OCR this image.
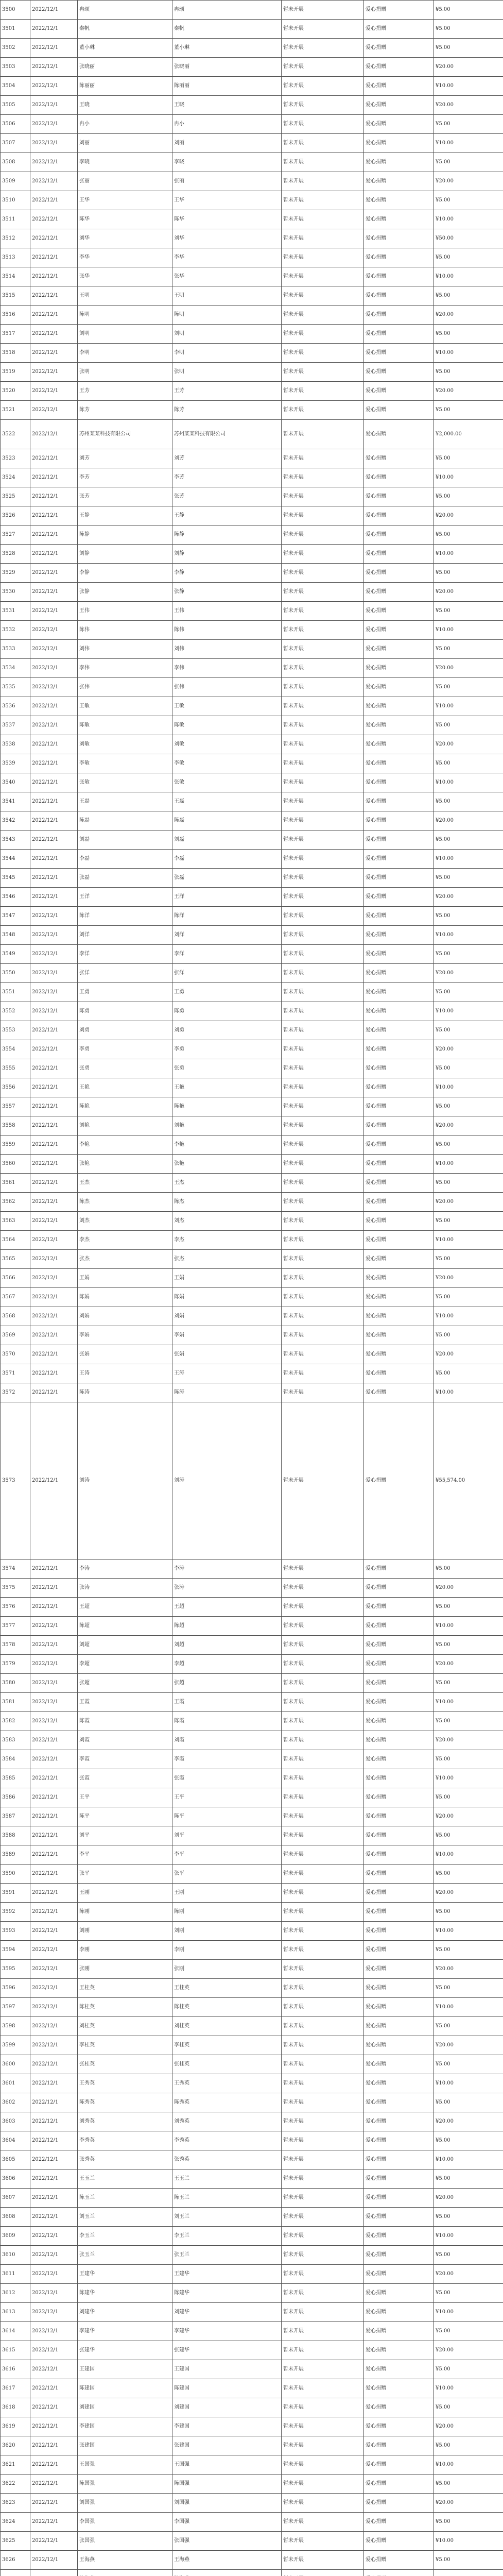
3500	2022/12/1	冉颂	冉颂	暂未开展	爱心捐赠	¥5.00
3501	2022/12/1	秦帆	秦帆	暂未开展	爱心捐赠	¥5.00
3502	2022/12/1	董小琳	董小琳	暂未开展	爱心捐赠	¥5.00
3503	2022/12/1	张晓丽	张晓丽	暂未开展	爱心捐赠	¥20.00
3504	2022/12/1	陈丽丽	陈丽丽	暂未开展	爱心捐赠	¥10.00
3505	2022/12/1	王晓	王晓	暂未开展	爱心捐赠	¥20.00
3506	2022/12/1	冉小	冉小	暂未开展	爱心捐赠	¥5.00
3507	2022/12/1	刘丽	刘丽	暂未开展	爱心捐赠	¥10.00
3508	2022/12/1	李晓	李晓	暂未开展	爱心捐赠	¥5.00
3509	2022/12/1	张丽	张丽	暂未开展	爱心捐赠	¥20.00
3510	2022/12/1	王华	王华	暂未开展	爱心捐赠	¥5.00
3511	2022/12/1	陈华	陈华	暂未开展	爱心捐赠	¥10.00
3512	2022/12/1	刘华	刘华	暂未开展	爱心捐赠	¥50.00
3513	2022/12/1	李华	李华	暂未开展	爱心捐赠	¥5.00
3514	2022/12/1	张华	张华	暂未开展	爱心捐赠	¥10.00
3515	2022/12/1	王明	王明	暂未开展	爱心捐赠	¥5.00
3516	2022/12/1	陈明	陈明	暂未开展	爱心捐赠	¥20.00
3517	2022/12/1	刘明	刘明	暂未开展	爱心捐赠	¥5.00
3518	2022/12/1	李明	李明	暂未开展	爱心捐赠	¥10.00
3519	2022/12/1	张明	张明	暂未开展	爱心捐赠	¥5.00
3520	2022/12/1	王芳	王芳	暂未开展	爱心捐赠	¥20.00
3521	2022/12/1	陈芳	陈芳	暂未开展	爱心捐赠	¥5.00
3522	2022/12/1	苏州某某科技有限公司	苏州某某科技有限公司	暂未开展	爱心捐赠	¥2,000.00
3523	2022/12/1	刘芳	刘芳	暂未开展	爱心捐赠	¥5.00
3524	2022/12/1	李芳	李芳	暂未开展	爱心捐赠	¥10.00
3525	2022/12/1	张芳	张芳	暂未开展	爱心捐赠	¥5.00
3526	2022/12/1	王静	王静	暂未开展	爱心捐赠	¥20.00
3527	2022/12/1	陈静	陈静	暂未开展	爱心捐赠	¥5.00
3528	2022/12/1	刘静	刘静	暂未开展	爱心捐赠	¥10.00
3529	2022/12/1	李静	李静	暂未开展	爱心捐赠	¥5.00
3530	2022/12/1	张静	张静	暂未开展	爱心捐赠	¥20.00
3531	2022/12/1	王伟	王伟	暂未开展	爱心捐赠	¥5.00
3532	2022/12/1	陈伟	陈伟	暂未开展	爱心捐赠	¥10.00
3533	2022/12/1	刘伟	刘伟	暂未开展	爱心捐赠	¥5.00
3534	2022/12/1	李伟	李伟	暂未开展	爱心捐赠	¥20.00
3535	2022/12/1	张伟	张伟	暂未开展	爱心捐赠	¥5.00
3536	2022/12/1	王敏	王敏	暂未开展	爱心捐赠	¥10.00
3537	2022/12/1	陈敏	陈敏	暂未开展	爱心捐赠	¥5.00
3538	2022/12/1	刘敏	刘敏	暂未开展	爱心捐赠	¥20.00
3539	2022/12/1	李敏	李敏	暂未开展	爱心捐赠	¥5.00
3540	2022/12/1	张敏	张敏	暂未开展	爱心捐赠	¥10.00
3541	2022/12/1	王磊	王磊	暂未开展	爱心捐赠	¥5.00
3542	2022/12/1	陈磊	陈磊	暂未开展	爱心捐赠	¥20.00
3543	2022/12/1	刘磊	刘磊	暂未开展	爱心捐赠	¥5.00
3544	2022/12/1	李磊	李磊	暂未开展	爱心捐赠	¥10.00
3545	2022/12/1	张磊	张磊	暂未开展	爱心捐赠	¥5.00
3546	2022/12/1	王洋	王洋	暂未开展	爱心捐赠	¥20.00
3547	2022/12/1	陈洋	陈洋	暂未开展	爱心捐赠	¥5.00
3548	2022/12/1	刘洋	刘洋	暂未开展	爱心捐赠	¥10.00
3549	2022/12/1	李洋	李洋	暂未开展	爱心捐赠	¥5.00
3550	2022/12/1	张洋	张洋	暂未开展	爱心捐赠	¥20.00
3551	2022/12/1	王勇	王勇	暂未开展	爱心捐赠	¥5.00
3552	2022/12/1	陈勇	陈勇	暂未开展	爱心捐赠	¥10.00
3553	2022/12/1	刘勇	刘勇	暂未开展	爱心捐赠	¥5.00
3554	2022/12/1	李勇	李勇	暂未开展	爱心捐赠	¥20.00
3555	2022/12/1	张勇	张勇	暂未开展	爱心捐赠	¥5.00
3556	2022/12/1	王艳	王艳	暂未开展	爱心捐赠	¥10.00
3557	2022/12/1	陈艳	陈艳	暂未开展	爱心捐赠	¥5.00
3558	2022/12/1	刘艳	刘艳	暂未开展	爱心捐赠	¥20.00
3559	2022/12/1	李艳	李艳	暂未开展	爱心捐赠	¥5.00
3560	2022/12/1	张艳	张艳	暂未开展	爱心捐赠	¥10.00
3561	2022/12/1	王杰	王杰	暂未开展	爱心捐赠	¥5.00
3562	2022/12/1	陈杰	陈杰	暂未开展	爱心捐赠	¥20.00
3563	2022/12/1	刘杰	刘杰	暂未开展	爱心捐赠	¥5.00
3564	2022/12/1	李杰	李杰	暂未开展	爱心捐赠	¥10.00
3565	2022/12/1	张杰	张杰	暂未开展	爱心捐赠	¥5.00
3566	2022/12/1	王娟	王娟	暂未开展	爱心捐赠	¥20.00
3567	2022/12/1	陈娟	陈娟	暂未开展	爱心捐赠	¥5.00
3568	2022/12/1	刘娟	刘娟	暂未开展	爱心捐赠	¥10.00
3569	2022/12/1	李娟	李娟	暂未开展	爱心捐赠	¥5.00
3570	2022/12/1	张娟	张娟	暂未开展	爱心捐赠	¥20.00
3571	2022/12/1	王涛	王涛	暂未开展	爱心捐赠	¥5.00
3572	2022/12/1	陈涛	陈涛	暂未开展	爱心捐赠	¥10.00
3573	2022/12/1	刘涛	刘涛	暂未开展	爱心捐赠	¥55,574.00
3574	2022/12/1	李涛	李涛	暂未开展	爱心捐赠	¥5.00
3575	2022/12/1	张涛	张涛	暂未开展	爱心捐赠	¥20.00
3576	2022/12/1	王超	王超	暂未开展	爱心捐赠	¥5.00
3577	2022/12/1	陈超	陈超	暂未开展	爱心捐赠	¥10.00
3578	2022/12/1	刘超	刘超	暂未开展	爱心捐赠	¥5.00
3579	2022/12/1	李超	李超	暂未开展	爱心捐赠	¥20.00
3580	2022/12/1	张超	张超	暂未开展	爱心捐赠	¥5.00
3581	2022/12/1	王霞	王霞	暂未开展	爱心捐赠	¥10.00
3582	2022/12/1	陈霞	陈霞	暂未开展	爱心捐赠	¥5.00
3583	2022/12/1	刘霞	刘霞	暂未开展	爱心捐赠	¥20.00
3584	2022/12/1	李霞	李霞	暂未开展	爱心捐赠	¥5.00
3585	2022/12/1	张霞	张霞	暂未开展	爱心捐赠	¥10.00
3586	2022/12/1	王平	王平	暂未开展	爱心捐赠	¥5.00
3587	2022/12/1	陈平	陈平	暂未开展	爱心捐赠	¥20.00
3588	2022/12/1	刘平	刘平	暂未开展	爱心捐赠	¥5.00
3589	2022/12/1	李平	李平	暂未开展	爱心捐赠	¥10.00
3590	2022/12/1	张平	张平	暂未开展	爱心捐赠	¥5.00
3591	2022/12/1	王刚	王刚	暂未开展	爱心捐赠	¥20.00
3592	2022/12/1	陈刚	陈刚	暂未开展	爱心捐赠	¥5.00
3593	2022/12/1	刘刚	刘刚	暂未开展	爱心捐赠	¥10.00
3594	2022/12/1	李刚	李刚	暂未开展	爱心捐赠	¥5.00
3595	2022/12/1	张刚	张刚	暂未开展	爱心捐赠	¥20.00
3596	2022/12/1	王桂英	王桂英	暂未开展	爱心捐赠	¥5.00
3597	2022/12/1	陈桂英	陈桂英	暂未开展	爱心捐赠	¥10.00
3598	2022/12/1	刘桂英	刘桂英	暂未开展	爱心捐赠	¥5.00
3599	2022/12/1	李桂英	李桂英	暂未开展	爱心捐赠	¥20.00
3600	2022/12/1	张桂英	张桂英	暂未开展	爱心捐赠	¥5.00
3601	2022/12/1	王秀英	王秀英	暂未开展	爱心捐赠	¥10.00
3602	2022/12/1	陈秀英	陈秀英	暂未开展	爱心捐赠	¥5.00
3603	2022/12/1	刘秀英	刘秀英	暂未开展	爱心捐赠	¥20.00
3604	2022/12/1	李秀英	李秀英	暂未开展	爱心捐赠	¥5.00
3605	2022/12/1	张秀英	张秀英	暂未开展	爱心捐赠	¥10.00
3606	2022/12/1	王玉兰	王玉兰	暂未开展	爱心捐赠	¥5.00
3607	2022/12/1	陈玉兰	陈玉兰	暂未开展	爱心捐赠	¥20.00
3608	2022/12/1	刘玉兰	刘玉兰	暂未开展	爱心捐赠	¥5.00
3609	2022/12/1	李玉兰	李玉兰	暂未开展	爱心捐赠	¥10.00
3610	2022/12/1	张玉兰	张玉兰	暂未开展	爱心捐赠	¥5.00
3611	2022/12/1	王建华	王建华	暂未开展	爱心捐赠	¥20.00
3612	2022/12/1	陈建华	陈建华	暂未开展	爱心捐赠	¥5.00
3613	2022/12/1	刘建华	刘建华	暂未开展	爱心捐赠	¥10.00
3614	2022/12/1	李建华	李建华	暂未开展	爱心捐赠	¥5.00
3615	2022/12/1	张建华	张建华	暂未开展	爱心捐赠	¥20.00
3616	2022/12/1	王建国	王建国	暂未开展	爱心捐赠	¥5.00
3617	2022/12/1	陈建国	陈建国	暂未开展	爱心捐赠	¥10.00
3618	2022/12/1	刘建国	刘建国	暂未开展	爱心捐赠	¥5.00
3619	2022/12/1	李建国	李建国	暂未开展	爱心捐赠	¥20.00
3620	2022/12/1	张建国	张建国	暂未开展	爱心捐赠	¥5.00
3621	2022/12/1	王国强	王国强	暂未开展	爱心捐赠	¥10.00
3622	2022/12/1	陈国强	陈国强	暂未开展	爱心捐赠	¥5.00
3623	2022/12/1	刘国强	刘国强	暂未开展	爱心捐赠	¥20.00
3624	2022/12/1	李国强	李国强	暂未开展	爱心捐赠	¥5.00
3625	2022/12/1	张国强	张国强	暂未开展	爱心捐赠	¥10.00
3626	2022/12/1	王海燕	王海燕	暂未开展	爱心捐赠	¥5.00
